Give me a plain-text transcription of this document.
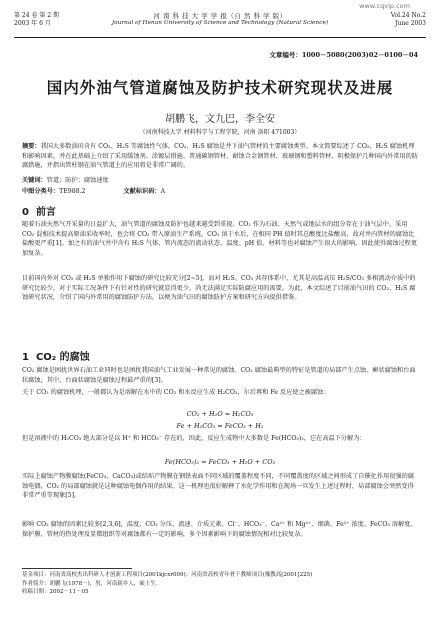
www.cqvip.com
第 24 卷 第 2 期
2003 年 6 月
河 南 科 技 大 学 学 报（自 然 科 学 版）
Journal of Henan University of Science and Technology (Natural Science)
Vol.24 No.2
June 2003
文章编号：1000－5080(2003)02－0100－04
国内外油气管道腐蚀及防护技术研究现状及进展
胡鹏飞，文九巴，李全安
（河南科技大学 材料科学与工程学院，河南 洛阳 471003）
摘要：我国大多数油田含有 CO₂、H₂S 等腐蚀性气体，CO₂、H₂S 腐蚀是井下油气管材的主要腐蚀类型。本文简要综述了 CO₂、H₂S 腐蚀机理和影响因素，并在此基础上介绍了采用缓蚀剂、涂镀层措施、普通碳钢管材、耐蚀合金钢管材、玻璃钢和塑料管材、阴极保护几种国内外常用的防腐措施，并指出管柱钢在油气管道上的应用将是非常广阔的。
关键词：管道；防护；腐蚀速度
中图分类号：TE988.2	文献标识码：A
0 前言
随着石油天然气开采量的日益扩大，油气管道的腐蚀及防护也越来越受到重视。CO₂ 作为石油、天然气或地层水的组分存在于油气层中，采用 CO₂ 混相技术提高原油采收率时，也会将 CO₂ 带入原油生产系统。CO₂ 溶于水后，在相同 PH 值时其总酸度比盐酸高，故对井内管材的腐蚀比盐酸更严重[1]。加之有的油气井中含有 H₂S 气体，管内流态的流动状态、温度、pH 值、材料等也对腐蚀产生很大的影响，因此使得腐蚀过程更加复杂。
目前国内外对 CO₂ 或 H₂S 单独作用下腐蚀的研究比较充分[2~5]，而对 H₂S、CO₂ 共存体系中，尤其是高温高压 H₂S/CO₂ 多相流动介质中的研究比较少，对于实际工况条件下有针对性的研究就显得更少，尚无法满足实际防腐应用的需要。为此，本文综述了目前油气田的 CO₂、H₂S 腐蚀研究状况，介绍了国内外常用的腐蚀防护方法，以便为油气田的腐蚀防护方案和研究方向提供借鉴。
1 CO₂ 的腐蚀
CO₂ 腐蚀是困扰世界石油工业同时也是困扰我国油气工业发展一种常见的腐蚀。CO₂ 腐蚀最典型的特征是管道的局部产生点蚀、癣状腐蚀和台面状腐蚀，其中，台面状腐蚀是腐蚀过程最严重的[3]。
关于 CO₂ 的腐蚀机理，一般都认为是溶解在水中的 CO₂ 和水反应生成 H₂CO₃，尔后再和 Fe 反应使之被腐蚀：
CO₂ + H₂O = H₂CO₃
Fe + H₂CO₃ = FeCO₃ + H₂
但是溶液中的 H₂CO₃ 绝大部分是以 H⁺ 和 HCO₃⁻ 存在的，因此，反应生成物中大多数是 Fe(HCO₃)₂，它在高温下分解为：
Fe(HCO₃)₂ = FeCO₃ + H₂O + CO₂
实际上腐蚀产物膜腐蚀(FeCO₃、CaCO₃)或结垢产物膜在钢铁表面不同区域的覆盖程度不同，不同覆盖度的区域之间形成了自催化作用很强的腐蚀电偶，CO₂ 的局部腐蚀就是这种腐蚀电偶作用的结果。这一机理也很好解释了水化学作用和在现场一旦发生上述过程时，局部腐蚀会突然变得非常严重等现象[5]。
影响 CO₂ 腐蚀的因素比较多[2,3,6]，温度、CO₂ 分压、流速、介质元素、Cl⁻、HCO₃⁻、Ca²⁺ 和 Mg²⁺、细菌、Fe²⁺ 浓度、FeCO₃ 溶解度、保护膜、管材的热处理及显微组织等对腐蚀都有一定的影响，多个因素影响下的腐蚀情况相对比较复杂。
基金项目：河南省高校杰出科研人才创新工程项目(2001kjcxr009)；河南省高校青年骨干教师项目(豫教高[2001]225)
作者简介：胡鹏飞(1978－)，男，河南新乡人，硕士生.
收稿日期：2002－11－05
